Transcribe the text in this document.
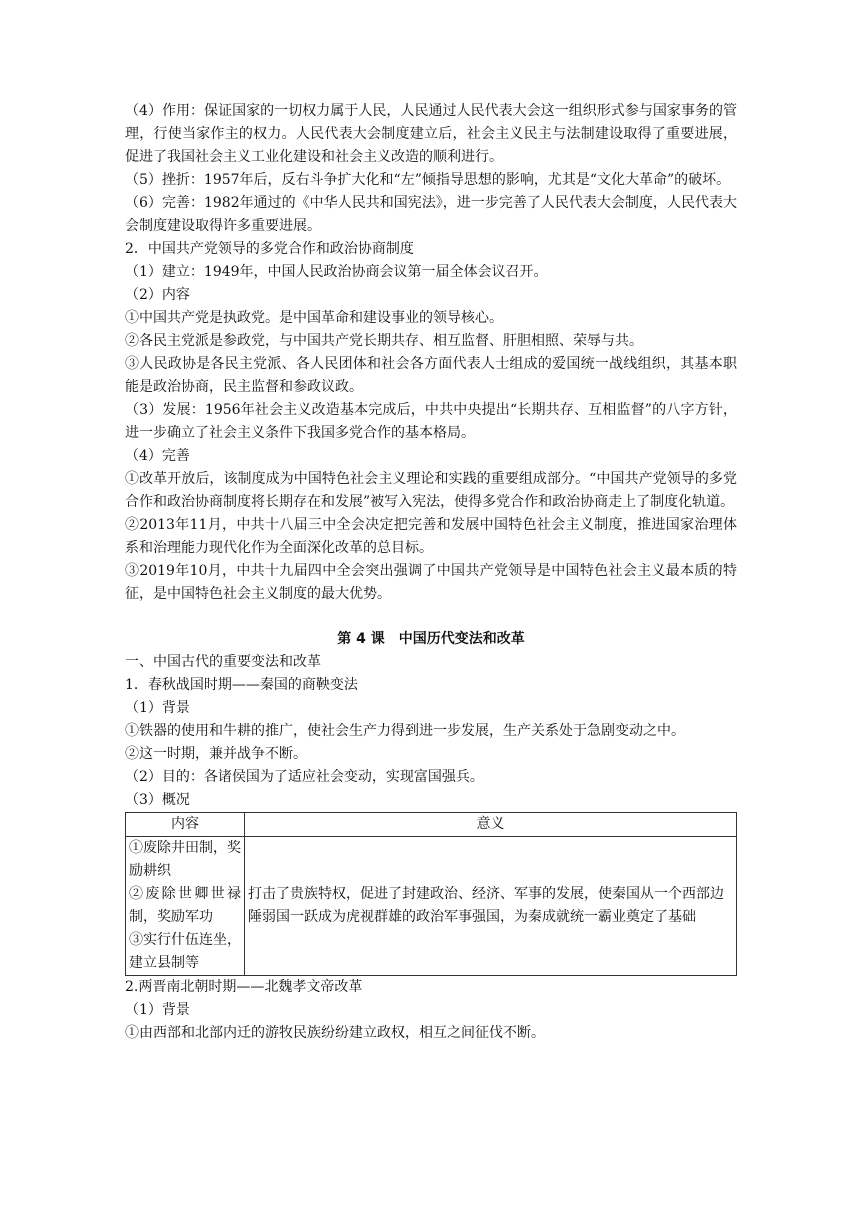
（4）作用：保证国家的一切权力属于人民，人民通过人民代表大会这一组织形式参与国家事务的管理，行使当家作主的权力。人民代表大会制度建立后，社会主义民主与法制建设取得了重要进展，促进了我国社会主义工业化建设和社会主义改造的顺利进行。

（5）挫折：1957年后，反右斗争扩大化和“左”倾指导思想的影响，尤其是“文化大革命”的破坏。

（6）完善：1982年通过的《中华人民共和国宪法》，进一步完善了人民代表大会制度，人民代表大会制度建设取得许多重要进展。

2．中国共产党领导的多党合作和政治协商制度

（1）建立：1949年，中国人民政治协商会议第一届全体会议召开。

（2）内容

①中国共产党是执政党。是中国革命和建设事业的领导核心。

②各民主党派是参政党，与中国共产党长期共存、相互监督、肝胆相照、荣辱与共。

③人民政协是各民主党派、各人民团体和社会各方面代表人士组成的爱国统一战线组织，其基本职能是政治协商，民主监督和参政议政。

（3）发展：1956年社会主义改造基本完成后，中共中央提出“长期共存、互相监督”的八字方针，进一步确立了社会主义条件下我国多党合作的基本格局。

（4）完善

①改革开放后，该制度成为中国特色社会主义理论和实践的重要组成部分。“中国共产党领导的多党合作和政治协商制度将长期存在和发展”被写入宪法，使得多党合作和政治协商走上了制度化轨道。

②2013年11月，中共十八届三中全会决定把完善和发展中国特色社会主义制度，推进国家治理体系和治理能力现代化作为全面深化改革的总目标。

③2019年10月，中共十九届四中全会突出强调了中国共产党领导是中国特色社会主义最本质的特征，是中国特色社会主义制度的最大优势。

第 4 课　中国历代变法和改革

一、中国古代的重要变法和改革

1．春秋战国时期——秦国的商鞅变法

（1）背景

①铁器的使用和牛耕的推广，使社会生产力得到进一步发展，生产关系处于急剧变动之中。

②这一时期，兼并战争不断。

（2）目的：各诸侯国为了适应社会变动，实现富国强兵。

（3）概况

内容	意义

①废除井田制，奖励耕织
②废除世卿世禄制，奖励军功
③实行什伍连坐，建立县制等	打击了贵族特权，促进了封建政治、经济、军事的发展，使秦国从一个西部边陲弱国一跃成为虎视群雄的政治军事强国，为秦成就统一霸业奠定了基础

2.两晋南北朝时期——北魏孝文帝改革

（1）背景

①由西部和北部内迁的游牧民族纷纷建立政权，相互之间征伐不断。
